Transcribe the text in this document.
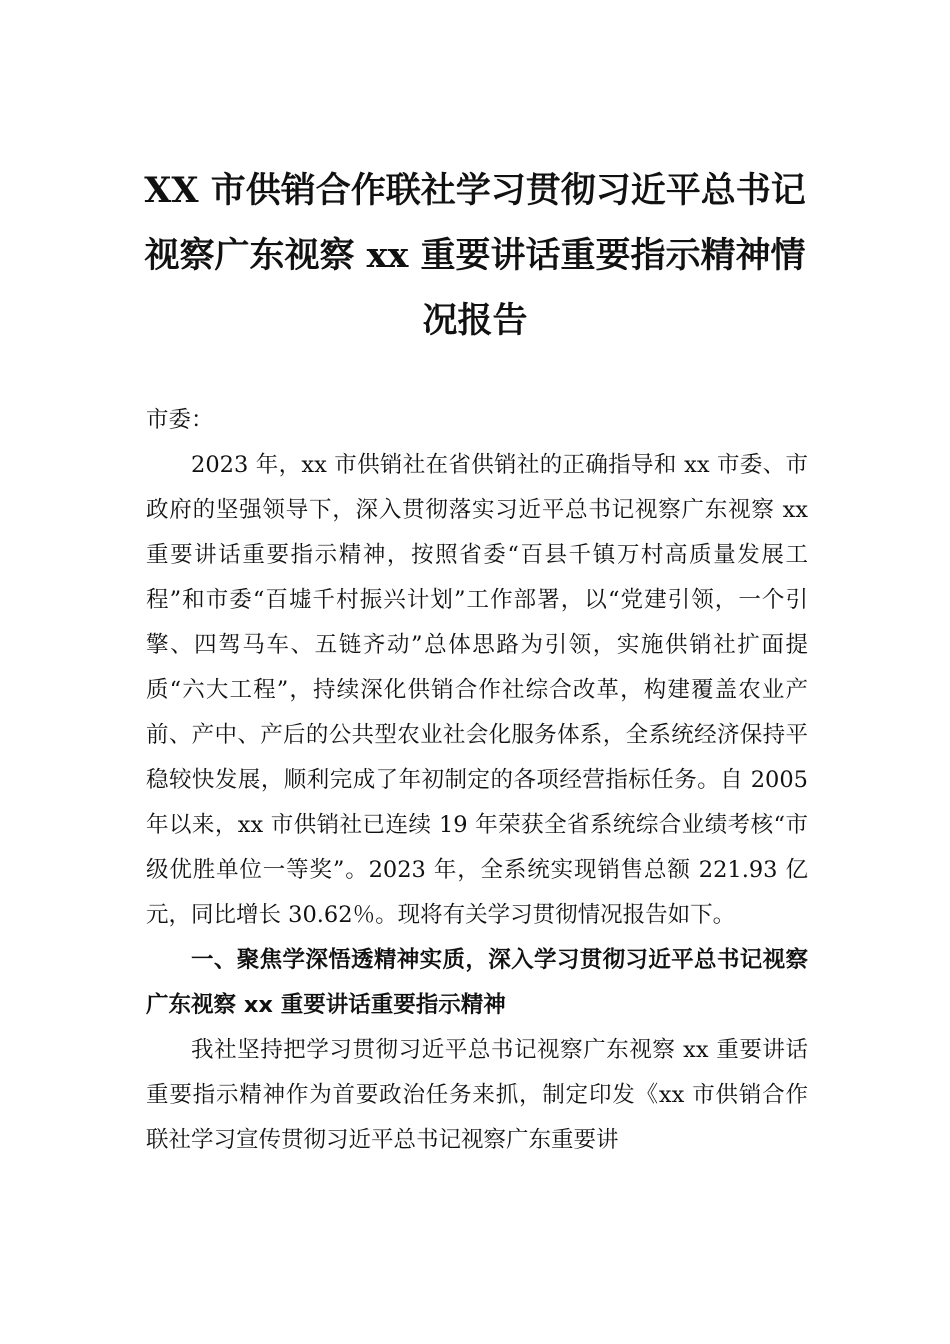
XX 市供销合作联社学习贯彻习近平总书记
视察广东视察 xx 重要讲话重要指示精神情
况报告

市委：

2023 年，xx 市供销社在省供销社的正确指导和 xx 市委、市政府的坚强领导下，深入贯彻落实习近平总书记视察广东视察 xx 重要讲话重要指示精神，按照省委“百县千镇万村高质量发展工程”和市委“百墟千村振兴计划”工作部署，以“党建引领，一个引擎、四驾马车、五链齐动”总体思路为引领，实施供销社扩面提质“六大工程”，持续深化供销合作社综合改革，构建覆盖农业产前、产中、产后的公共型农业社会化服务体系，全系统经济保持平稳较快发展，顺利完成了年初制定的各项经营指标任务。自 2005 年以来，xx 市供销社已连续 19 年荣获全省系统综合业绩考核“市级优胜单位一等奖”。2023 年，全系统实现销售总额 221.93 亿元，同比增长 30.62％。现将有关学习贯彻情况报告如下。

一、聚焦学深悟透精神实质，深入学习贯彻习近平总书记视察广东视察 xx 重要讲话重要指示精神

我社坚持把学习贯彻习近平总书记视察广东视察 xx 重要讲话重要指示精神作为首要政治任务来抓，制定印发《xx 市供销合作联社学习宣传贯彻习近平总书记视察广东重要讲
